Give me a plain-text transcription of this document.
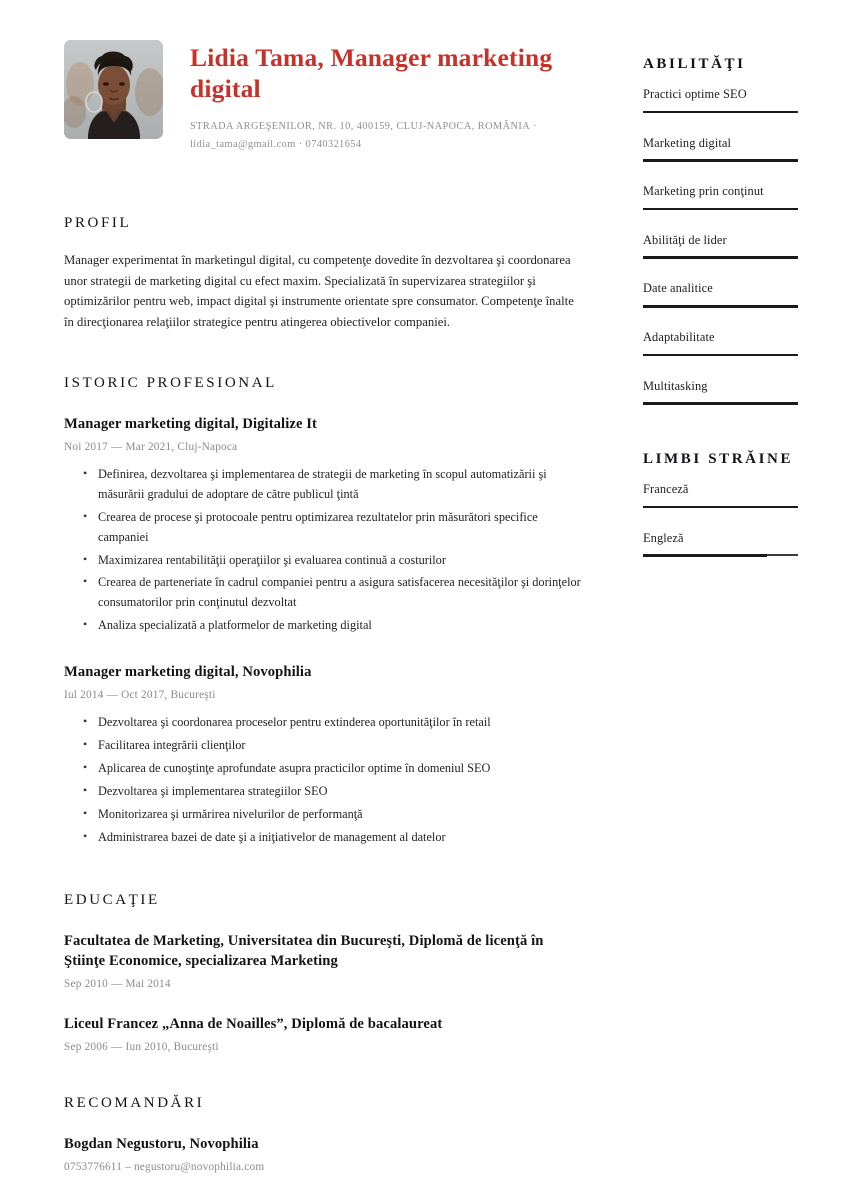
Lidia Tama, Manager marketing digital
STRADA ARGEŞENILOR, NR. 10, 400159, CLUJ-NAPOCA, ROMÂNIA ·
lidia_tama@gmail.com · 0740321654
PROFIL

Manager experimentat în marketingul digital, cu competenţe dovedite în dezvoltarea şi coordonarea unor strategii de marketing digital cu efect maxim. Specializată în supervizarea strategiilor şi optimizărilor pentru web, impact digital şi instrumente orientate spre consumator. Competenţe înalte în direcţionarea relaţiilor strategice pentru atingerea obiectivelor companiei.

ISTORIC PROFESIONAL
Manager marketing digital, Digitalize It
Noi 2017 — Mar 2021, Cluj-Napoca
• Definirea, dezvoltarea şi implementarea de strategii de marketing în scopul automatizării şi măsurării gradului de adoptare de către publicul ţintă
• Crearea de procese şi protocoale pentru optimizarea rezultatelor prin măsurători specifice campaniei
• Maximizarea rentabilităţii operaţiilor şi evaluarea continuă a costurilor
• Crearea de parteneriate în cadrul companiei pentru a asigura satisfacerea necesităţilor şi dorinţelor consumatorilor prin conţinutul dezvoltat
• Analiza specializată a platformelor de marketing digital
Manager marketing digital, Novophilia
Iul 2014 — Oct 2017, Bucureşti
• Dezvoltarea şi coordonarea proceselor pentru extinderea oportunităţilor în retail
• Facilitarea integrării clienţilor
• Aplicarea de cunoştinţe aprofundate asupra practicilor optime în domeniul SEO
• Dezvoltarea şi implementarea strategiilor SEO
• Monitorizarea şi urmărirea nivelurilor de performanţă
• Administrarea bazei de date şi a iniţiativelor de management al datelor
EDUCAŢIE
Facultatea de Marketing, Universitatea din Bucureşti, Diplomă de licenţă în Ştiinţe Economice, specializarea Marketing
Sep 2010 — Mai 2014
Liceul Francez „Anna de Noailles”, Diplomă de bacalaureat
Sep 2006 — Iun 2010, Bucureşti
RECOMANDĂRI
Bogdan Negustoru, Novophilia
0753776611 – negustoru@novophilia.com
ABILITĂŢI
Practici optime SEO
Marketing digital
Marketing prin conţinut
Abilităţi de lider
Date analitice
Adaptabilitate
Multitasking
LIMBI STRĂINE
Franceză
Engleză
